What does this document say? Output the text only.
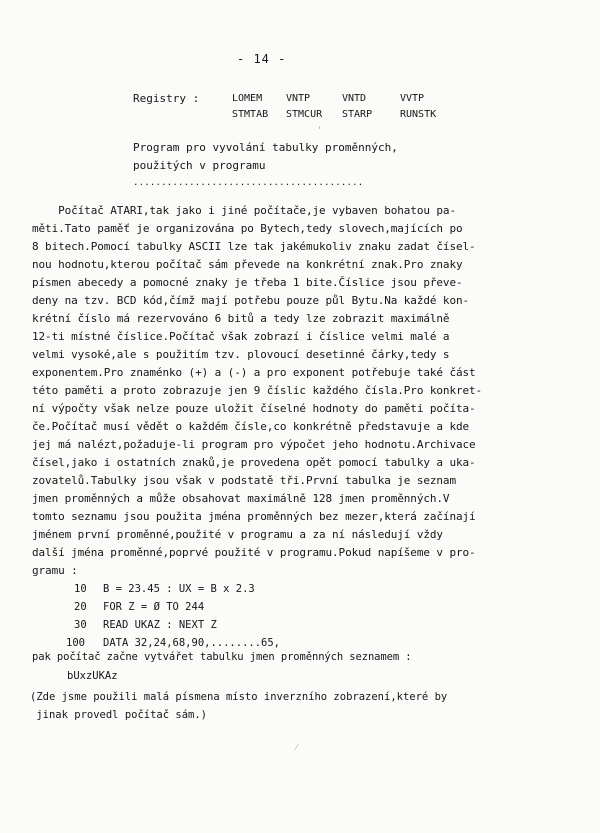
- 14 -
Registry :	LOMEM VNTP	VNTD	VVTP
STMTAB STMCUR STARP	RUNSTK
Program pro vyvolání tabulky proměnných,
použitých v programu
.........................................
Počítač ATARI,tak jako i jiné počítače,je vybaven bohatou pa-
měti.Tato paměť je organizována po Bytech,tedy slovech,majících po
8 bitech.Pomocí tabulky ASCII lze tak jakémukoliv znaku zadat čísel-
nou hodnotu,kterou počítač sám převede na konkrétní znak.Pro znaky
písmen abecedy a pomocné znaky je třeba 1 bite.Číslice jsou převe-
deny na tzv. BCD kód,čímž mají potřebu pouze půl Bytu.Na každé kon-
krétní číslo má rezervováno 6 bitů a tedy lze zobrazit maximálně
12-ti místné číslice.Počítač však zobrazí i číslice velmi malé a
velmi vysoké,ale s použitím tzv. plovoucí desetinné čárky,tedy s
exponentem.Pro znaménko (+) a (-) a pro exponent potřebuje také část
této paměti a proto zobrazuje jen 9 číslic každého čísla.Pro konkret-
ní výpočty však nelze pouze uložit číselné hodnoty do paměti počíta-
če.Počítač musí vědět o každém čísle,co konkrétně představuje a kde
jej má nalézt,požaduje-li program pro výpočet jeho hodnotu.Archivace
čísel,jako i ostatních znaků,je provedena opět pomocí tabulky a uka-
zovatelů.Tabulky jsou však v podstatě tři.První tabulka je seznam
jmen proměnných a může obsahovat maximálně 128 jmen proměnných.V
tomto seznamu jsou použita jména proměnných bez mezer,která začínají
jménem první proměnné,použité v programu a za ní následují vždy
další jména proměnné,poprvé použité v programu.Pokud napíšeme v pro-
gramu :
10 B = 23.45 : UX = B x 2.3
20 FOR Z = Ø TO 244
30 READ UKAZ : NEXT Z
100 DATA 32,24,68,90,........65,
pak počítač začne vytvářet tabulku jmen proměnných seznamem :
bUxzUKAz
(Zde jsme použili malá písmena místo inverzního zobrazení,které by
jinak provedl počítač sám.)
'
⁄
